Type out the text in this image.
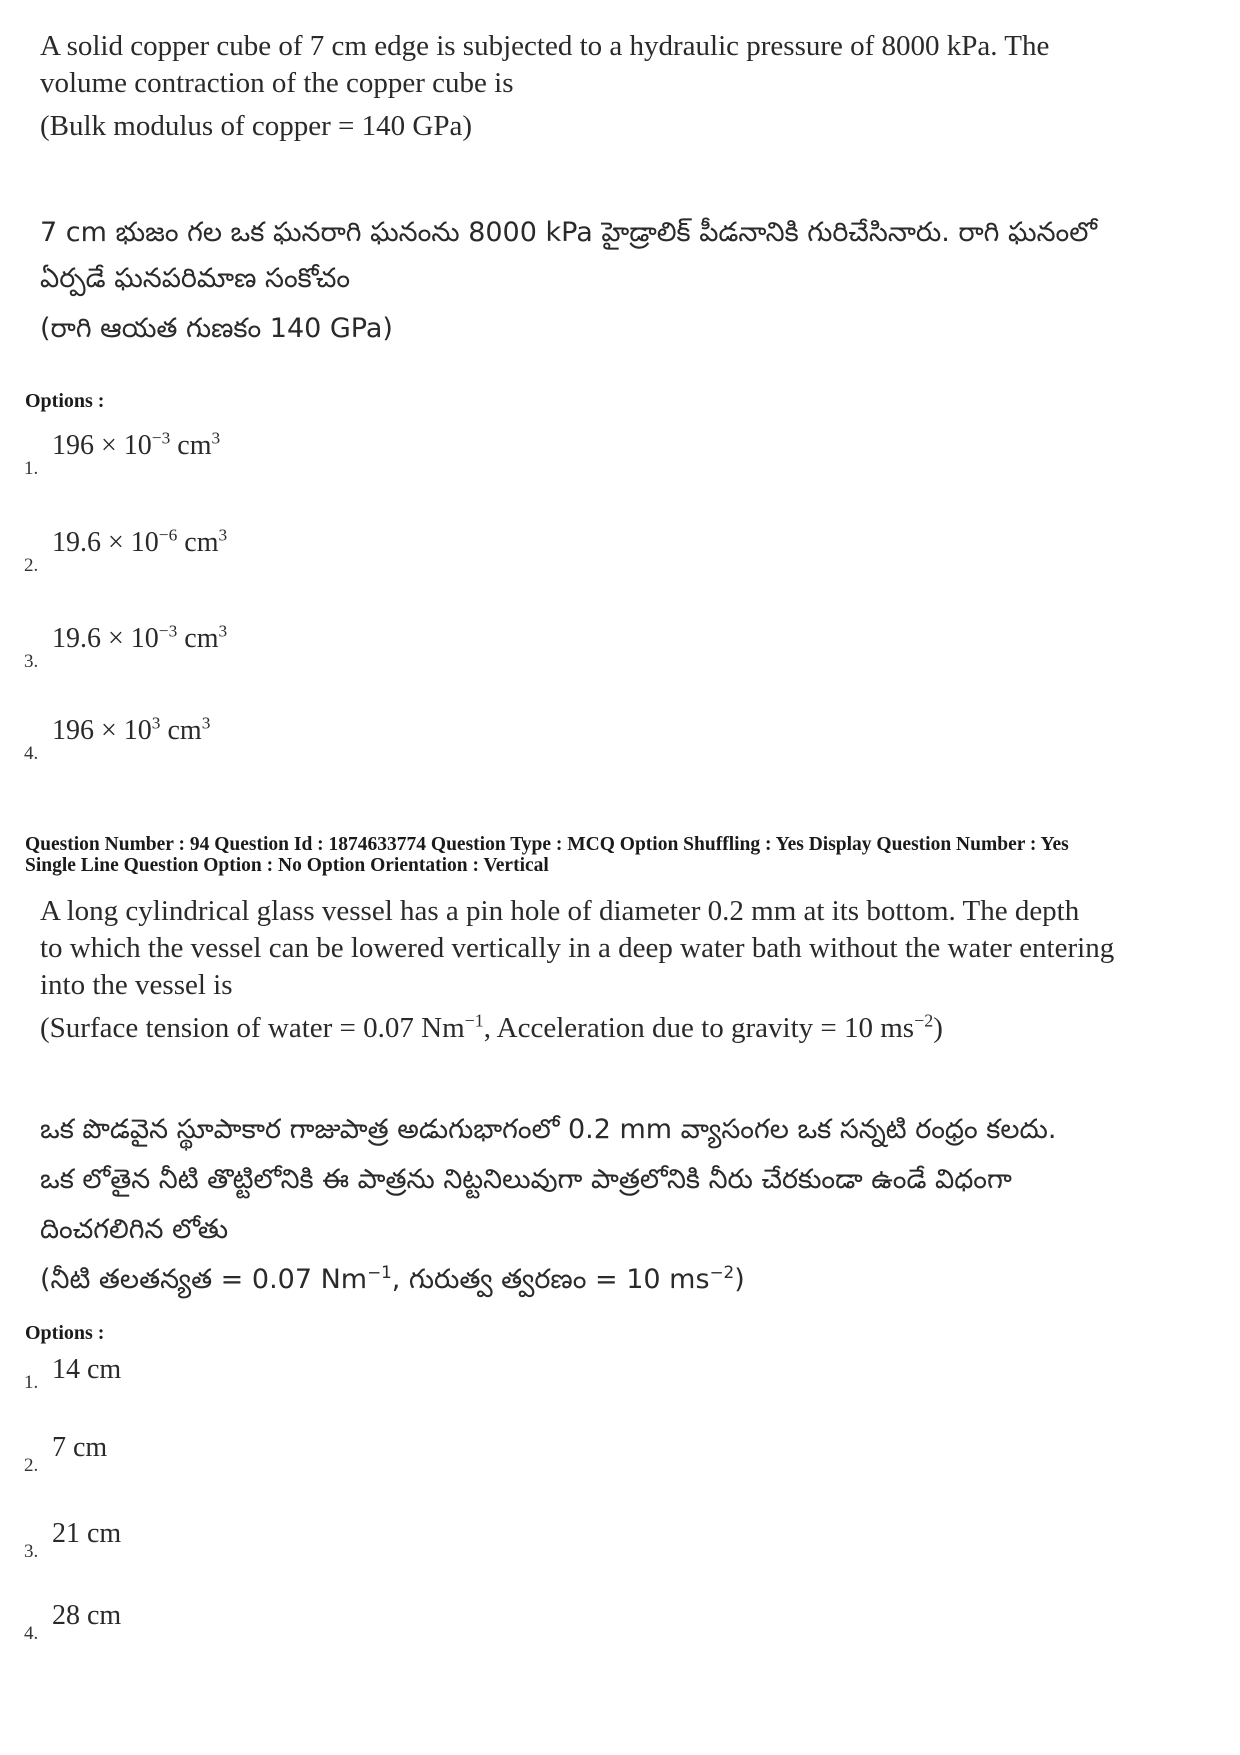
A solid copper cube of 7 cm edge is subjected to a hydraulic pressure of 8000 kPa. The

volume contraction of the copper cube is

(Bulk modulus of copper = 140 GPa)

7 cm భుజం గల ఒక ఘనరాగి ఘనంను 8000 kPa హైడ్రాలిక్ పీడనానికి గురిచేసినారు. రాగి ఘనంలో

ఏర్పడే ఘనపరిమాణ సంకోచం

(రాగి ఆయత గుణకం 140 GPa)

Options :
1.
$196 \times 10^{-3}$ $cm^3$
2.
$19.6 \times 10^{-6}$ $cm^3$
3.
$19.6 \times 10^{-3}$ $cm^3$
4.
$196 \times 10^3$ $cm^3$

Question Number : 94 Question Id : 1874633774 Question Type : MCQ Option Shuffling : Yes Display Question Number : Yes

Single Line Question Option : No Option Orientation : Vertical

A long cylindrical glass vessel has a pin hole of diameter 0.2 mm at its bottom. The depth

to which the vessel can be lowered vertically in a deep water bath without the water entering

into the vessel is

(Surface tension of water = 0.07 $Nm^{-1}$, Acceleration due to gravity = 10 $ms^{-2}$)

ఒక పొడవైన స్థూపాకార గాజుపాత్ర అడుగుభాగంలో 0.2 mm వ్యాసంగల ఒక సన్నటి రంధ్రం కలదు.

ఒక లోతైన నీటి తొట్టిలోనికి ఈ పాత్రను నిట్టనిలువుగా పాత్రలోనికి నీరు చేరకుండా ఉండే విధంగా

దించగలిగిన లోతు

(నీటి తలతన్యత = 0.07 $Nm^{-1}$, గురుత్వ త్వరణం = 10 $ms^{-2}$)

Options :
1. 14 cm
2.
7 cm
3.
21 cm
4.
28 cm
